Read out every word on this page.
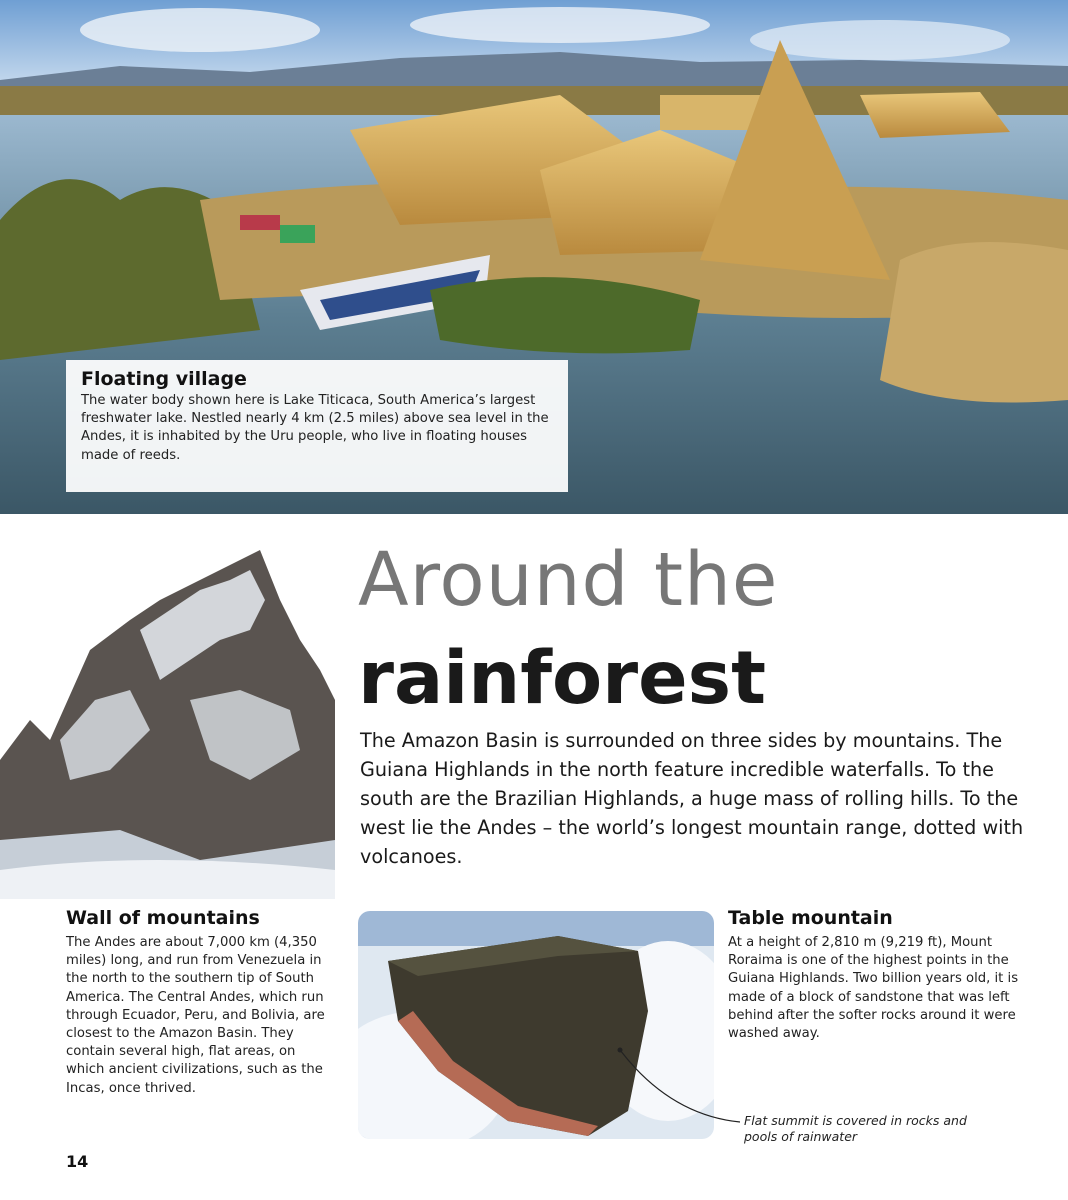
Floating village

The water body shown here is Lake Titicaca, South America’s largest freshwater lake. Nestled nearly 4 km (2.5 miles) above sea level in the Andes, it is inhabited by the Uru people, who live in floating houses made of reeds.

Around the
rainforest

The Amazon Basin is surrounded on three sides by mountains. The Guiana Highlands in the north feature incredible waterfalls. To the south are the Brazilian Highlands, a huge mass of rolling hills. To the west lie the Andes – the world’s longest mountain range, dotted with volcanoes.

Wall of mountains

The Andes are about 7,000 km (4,350 miles) long, and run from Venezuela in the north to the southern tip of South America. The Central Andes, which run through Ecuador, Peru, and Bolivia, are closest to the Amazon Basin. They contain several high, flat areas, on which ancient civilizations, such as the Incas, once thrived.

Table mountain

At a height of 2,810 m (9,219 ft), Mount Roraima is one of the highest points in the Guiana Highlands. Two billion years old, it is made of a block of sandstone that was left behind after the softer rocks around it were washed away.

Flat summit is covered in rocks and pools of rainwater

14
